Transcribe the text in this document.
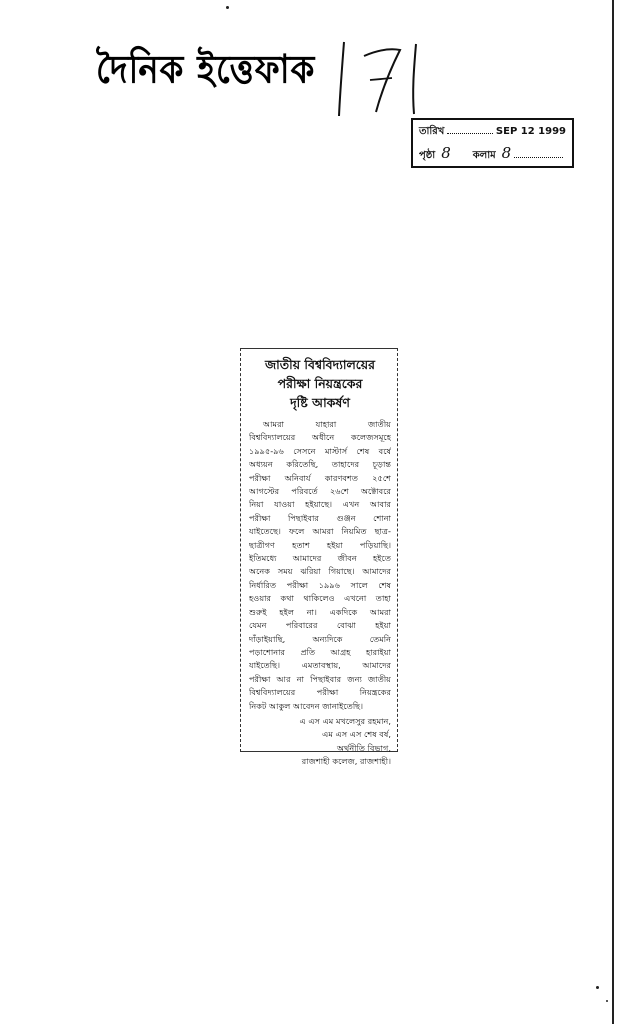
দৈনিক ইত্তেফাক
তারিখ	SEP 12 1999
পৃষ্ঠা 8 কলাম 8
জাতীয় বিশ্ববিদ্যালয়ের
পরীক্ষা নিয়ন্ত্রকের
দৃষ্টি আকর্ষণ
আমরা যাহারা জাতীয়
বিশ্ববিদ্যালয়ের অধীনে কলেজসমূহে
১৯৯৫-৯৬ সেসনে মাস্টার্স শেষ বর্ষে
অধ্যয়ন করিতেছি, তাহাদের চূড়ান্ত
পরীক্ষা অনিবার্য কারণবশত ২৫শে
আগস্টের পরিবর্তে ২৬শে অক্টোবরে
নিয়া যাওয়া হইয়াছে। এখন আবার
পরীক্ষা পিছাইবার গুঞ্জন শোনা
যাইতেছে। ফলে আমরা নিয়মিত ছাত্র-
ছাত্রীগণ হতাশ হইয়া পড়িয়াছি।
ইতিমধ্যে আমাদের জীবন হইতে
অনেক সময় ঝরিয়া গিয়াছে। আমাদের
নির্ধারিত পরীক্ষা ১৯৯৬ সালে শেষ
হওয়ার কথা থাকিলেও এখনো তাহা
শুরুই হইল না। একদিকে আমরা
যেমন পরিবারের বোঝা হইয়া
দাঁড়াইয়াছি, অন্যদিকে তেমনি
পড়াশোনার প্রতি আগ্রহ হারাইয়া
যাইতেছি। এমতাবস্থায়, আমাদের
পরীক্ষা আর না পিছাইবার জন্য জাতীয়
বিশ্ববিদ্যালয়ের পরীক্ষা নিয়ন্ত্রকের
নিকট আকুল আবেদন জানাইতেছি।
এ এস এম মখলেসুর রহমান,
এম এস এস শেষ বর্ষ,
অর্থনীতি বিভাগ,
রাজশাহী কলেজ, রাজশাহী।
